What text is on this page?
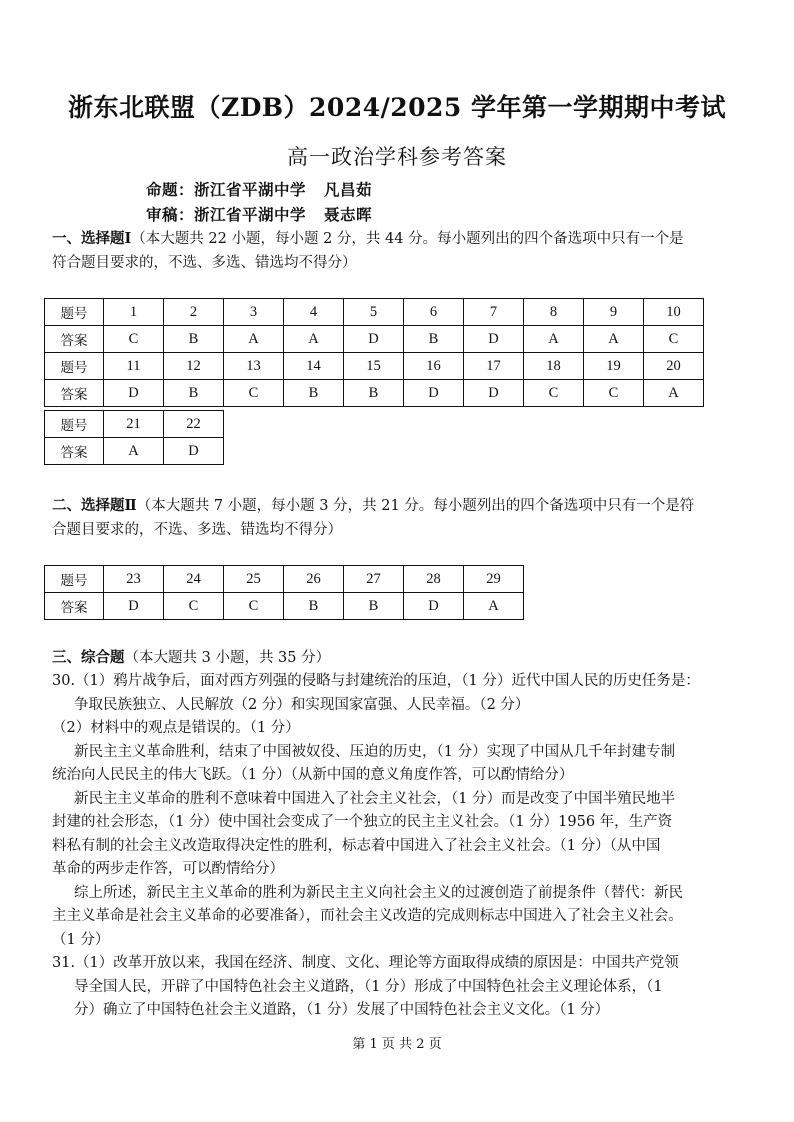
浙东北联盟（ZDB）2024/2025 学年第一学期期中考试
高一政治学科参考答案
命题：浙江省平湖中学 凡昌茹
审稿：浙江省平湖中学 聂志晖
一、选择题Ⅰ（本大题共 22 小题，每小题 2 分，共 44 分。每小题列出的四个备选项中只有一个是
符合题目要求的，不选、多选、错选均不得分）
题号	1	2	3	4	5	6	7	8	9	10
答案	C	B	A	A	D	B	D	A	A	C
题号	11	12	13	14	15	16	17	18	19	20
答案	D	B	C	B	B	D	D	C	C	A
题号	21	22
答案	A	D
二、选择题Ⅱ（本大题共 7 小题，每小题 3 分，共 21 分。每小题列出的四个备选项中只有一个是符
合题目要求的，不选、多选、错选均不得分）
题号	23	24	25	26	27	28	29
答案	D	C	C	B	B	D	A
三、综合题（本大题共 3 小题，共 35 分）
30.（1）鸦片战争后，面对西方列强的侵略与封建统治的压迫，（1 分）近代中国人民的历史任务是：
争取民族独立、人民解放（2 分）和实现国家富强、人民幸福。（2 分）
（2）材料中的观点是错误的。（1 分）
新民主主义革命胜利，结束了中国被奴役、压迫的历史，（1 分）实现了中国从几千年封建专制
统治向人民民主的伟大飞跃。（1 分）（从新中国的意义角度作答，可以酌情给分）
新民主主义革命的胜利不意味着中国进入了社会主义社会，（1 分）而是改变了中国半殖民地半
封建的社会形态，（1 分）使中国社会变成了一个独立的民主主义社会。（1 分）1956 年，生产资
料私有制的社会主义改造取得决定性的胜利，标志着中国进入了社会主义社会。（1 分）（从中国
革命的两步走作答，可以酌情给分）
综上所述，新民主主义革命的胜利为新民主主义向社会主义的过渡创造了前提条件（替代：新民
主主义革命是社会主义革命的必要准备），而社会主义改造的完成则标志中国进入了社会主义社会。
（1 分）
31.（1）改革开放以来，我国在经济、制度、文化、理论等方面取得成绩的原因是：中国共产党领
导全国人民，开辟了中国特色社会主义道路，（1 分）形成了中国特色社会主义理论体系，（1
分）确立了中国特色社会主义道路，（1 分）发展了中国特色社会主义文化。（1 分）
第 1 页 共 2 页
